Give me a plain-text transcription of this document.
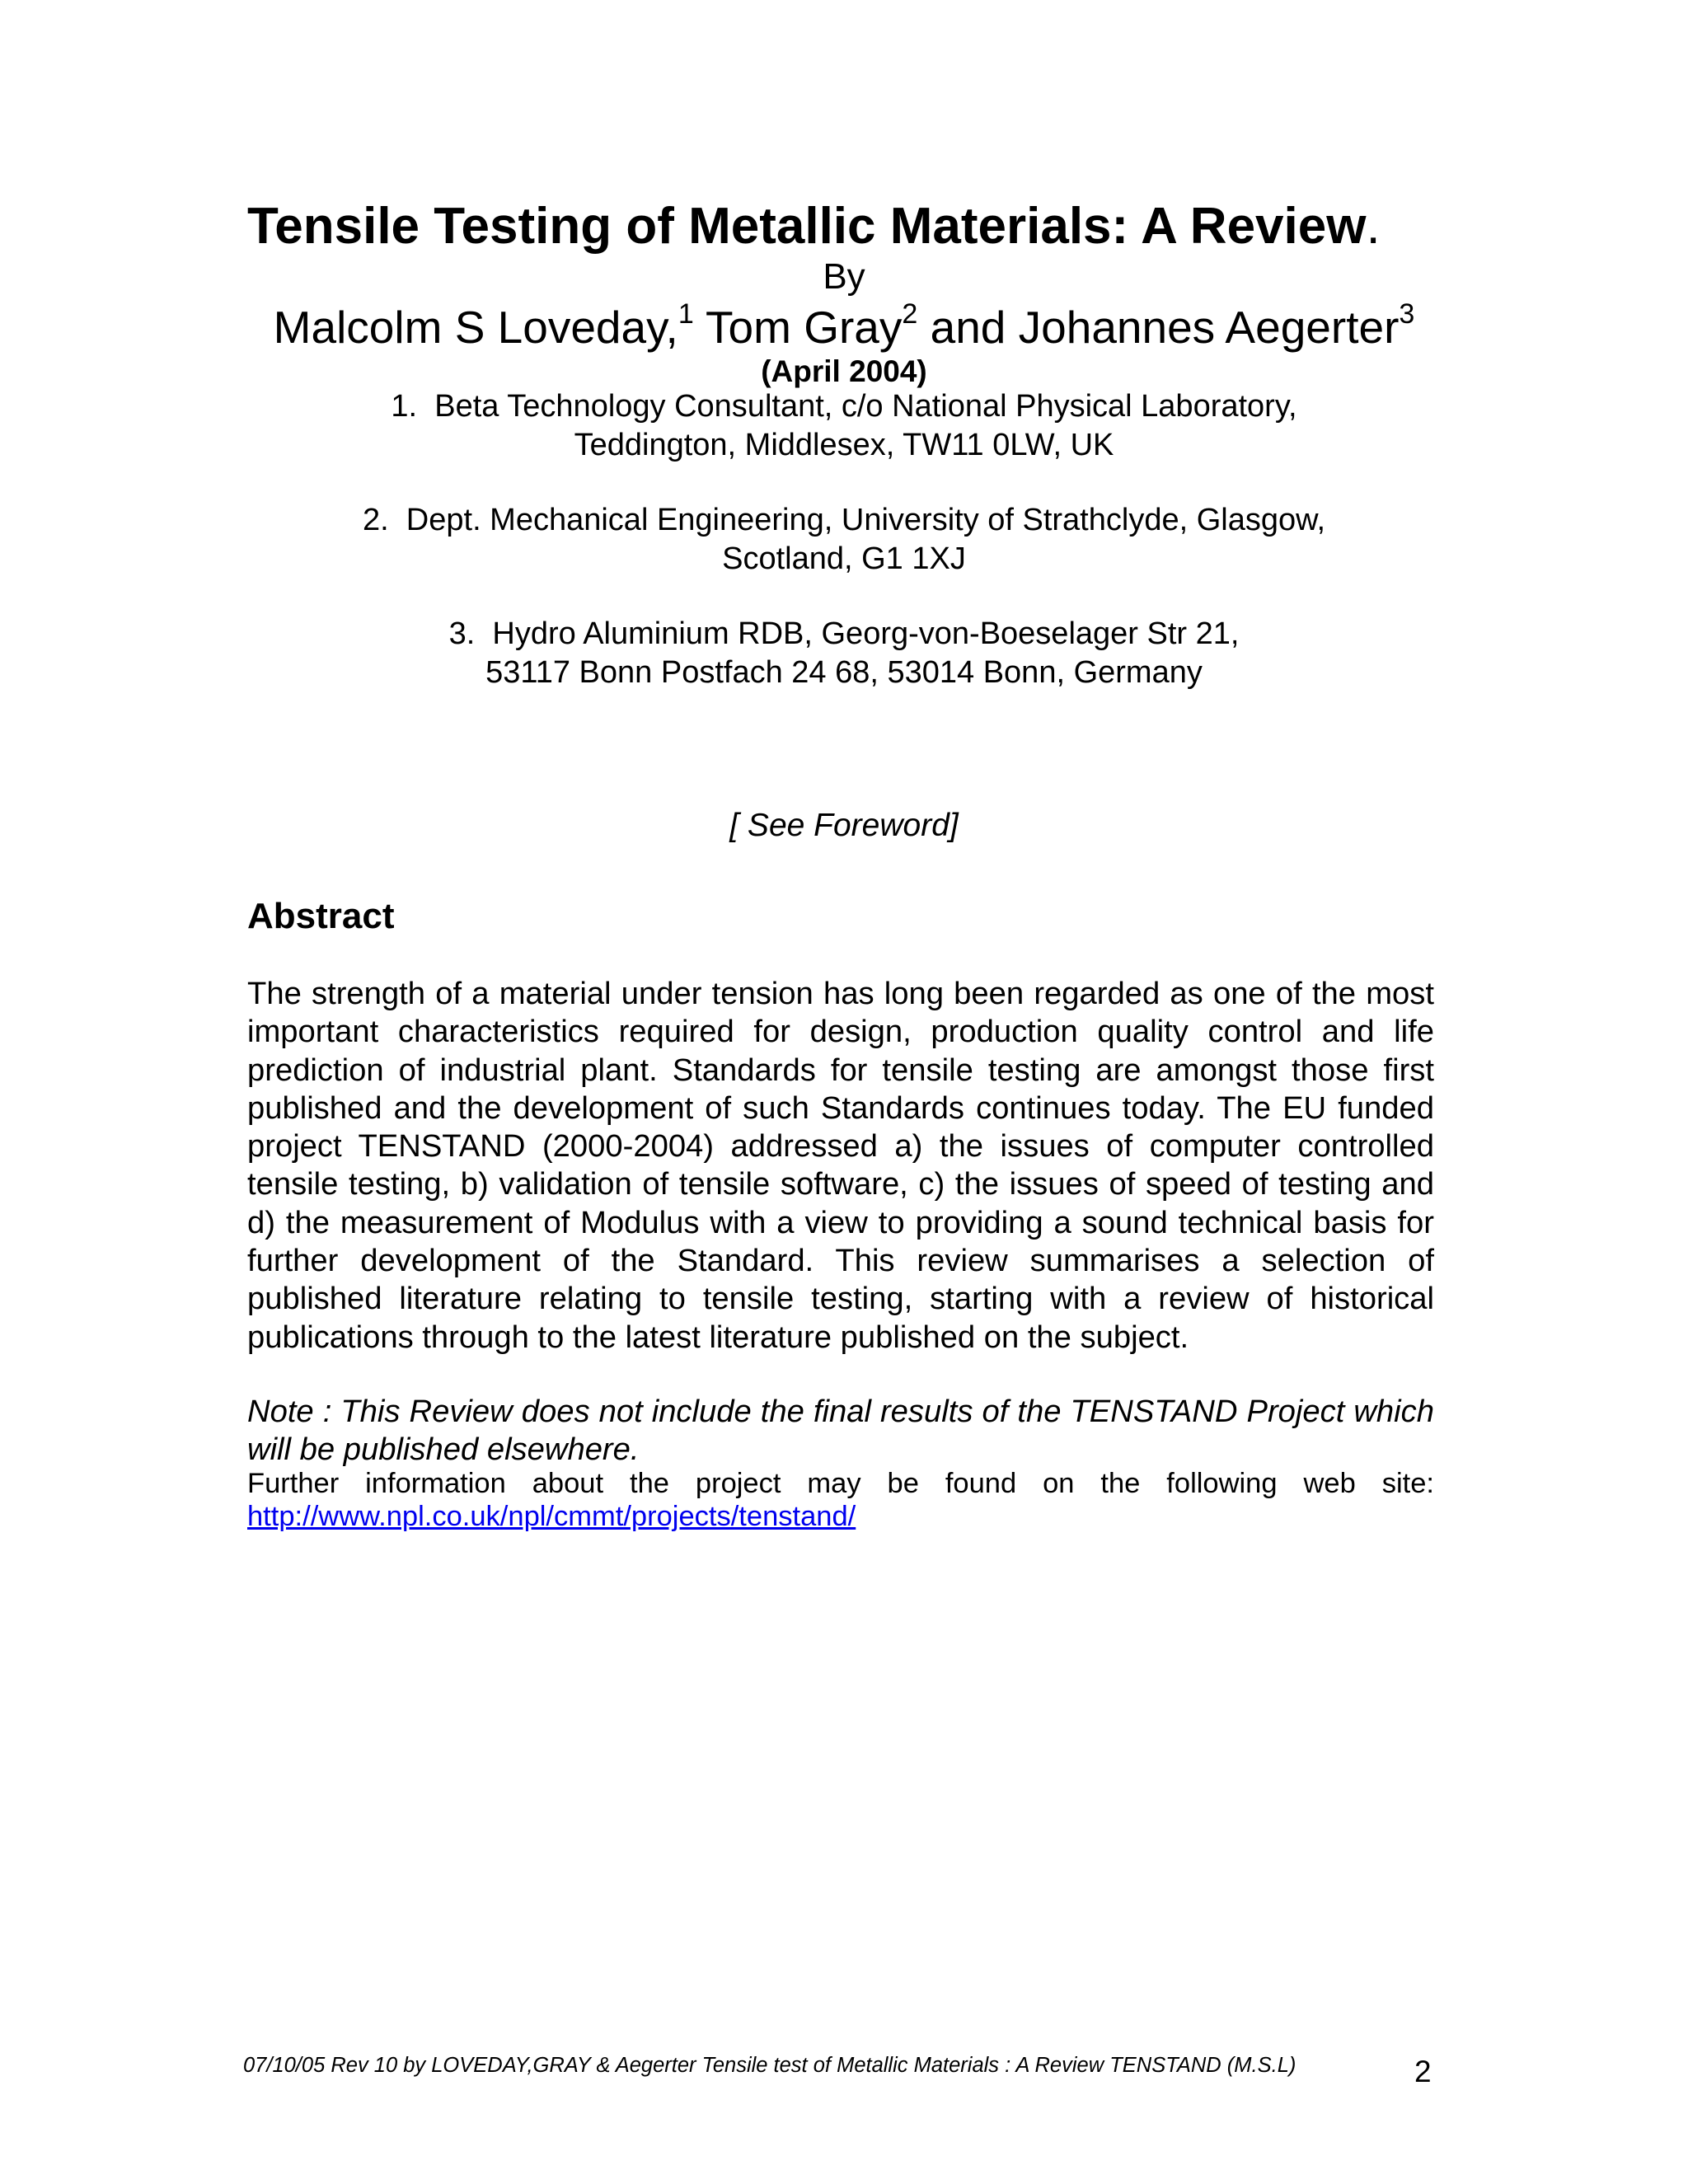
Tensile Testing of Metallic Materials: A Review.
By
Malcolm S Loveday,$^1$ Tom Gray$^2$ and Johannes Aegerter$^3$
(April 2004)
1. Beta Technology Consultant, c/o National Physical Laboratory,
Teddington, Middlesex, TW11 0LW, UK
2. Dept. Mechanical Engineering, University of Strathclyde, Glasgow,
Scotland, G1 1XJ
3. Hydro Aluminium RDB, Georg-von-Boeselager Str 21,
53117 Bonn Postfach 24 68, 53014 Bonn, Germany
[ See Foreword]
Abstract

The strength of a material under tension has long been regarded as one of the most important characteristics required for design, production quality control and life prediction of industrial plant. Standards for tensile testing are amongst those first published and the development of such Standards continues today. The EU funded project TENSTAND (2000-2004) addressed a) the issues of computer controlled tensile testing, b) validation of tensile software, c) the issues of speed of testing and d) the measurement of Modulus with a view to providing a sound technical basis for further development of the Standard. This review summarises a selection of published literature relating to tensile testing, starting with a review of historical publications through to the latest literature published on the subject.

Note : This Review does not include the final results of the TENSTAND Project which will be published elsewhere.

Further information about the project may be found on the following web site:

http://www.npl.co.uk/npl/cmmt/projects/tenstand/
07/10/05 Rev 10 by LOVEDAY,GRAY & Aegerter Tensile test of Metallic Materials : A Review TENSTAND (M.S.L)	2
